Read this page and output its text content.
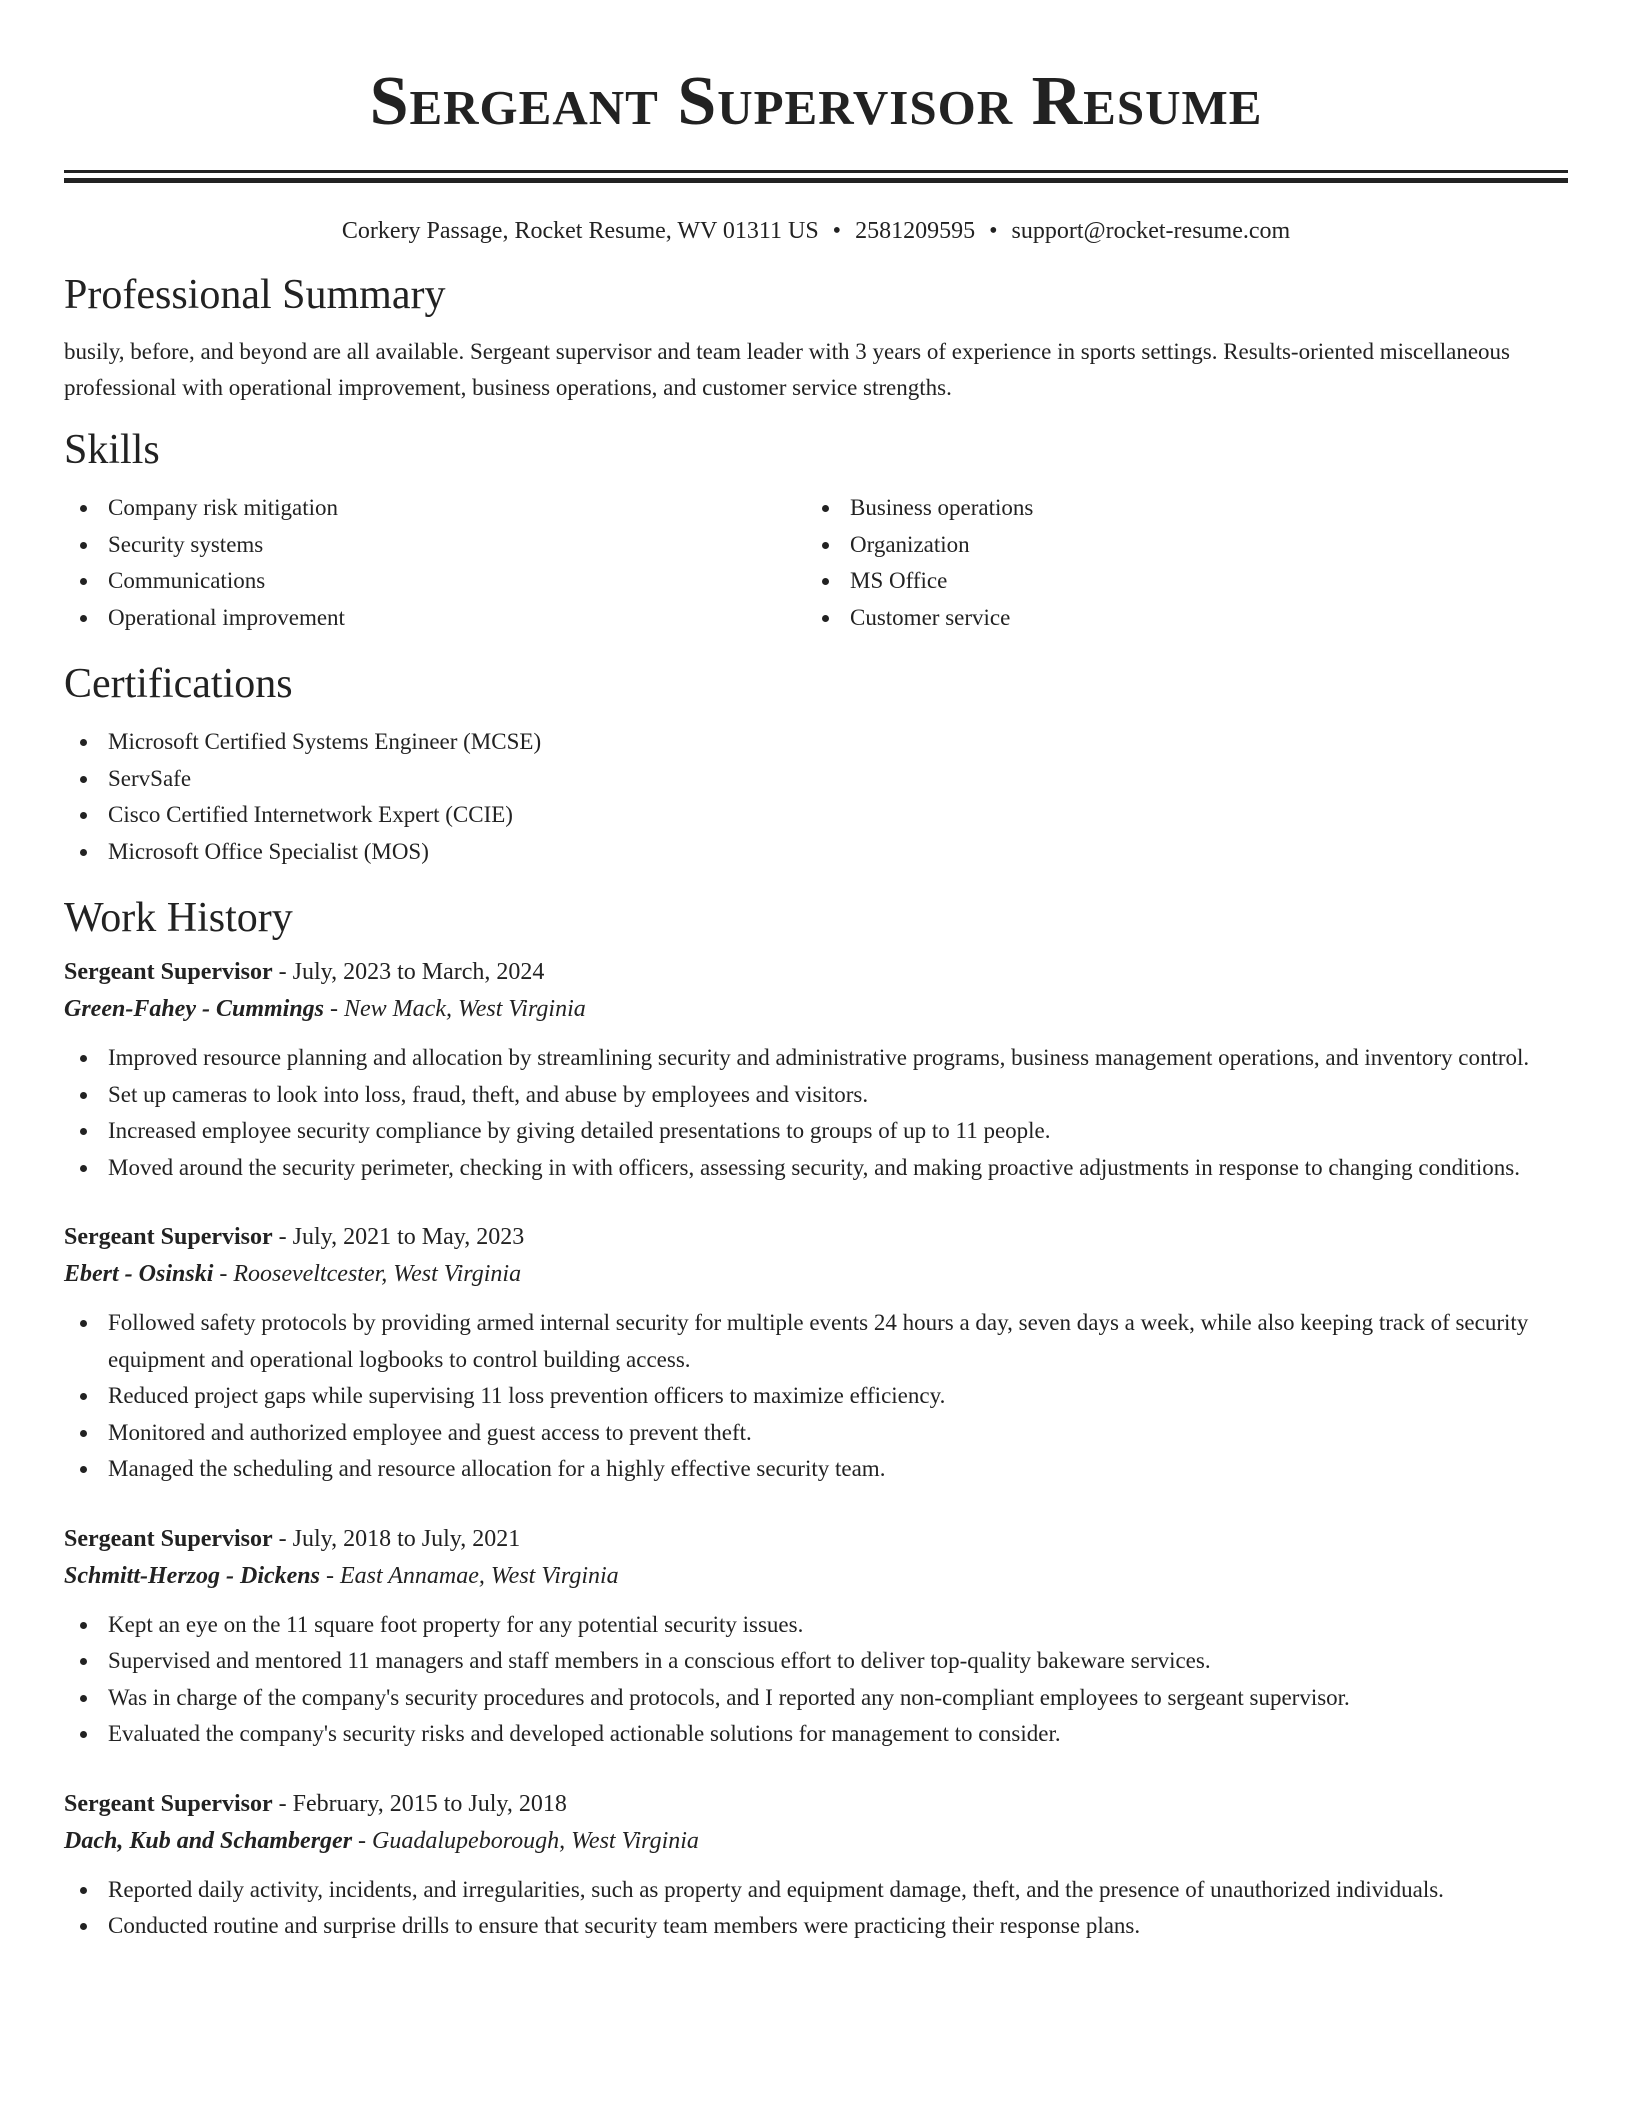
Sergeant Supervisor Resume
Corkery Passage, Rocket Resume, WV 01311 US • 2581209595 • support@rocket-resume.com
Professional Summary

busily, before, and beyond are all available. Sergeant supervisor and team leader with 3 years of experience in sports settings. Results-oriented miscellaneous professional with operational improvement, business operations, and customer service strengths.

Skills
Company risk mitigation
Security systems
Communications
Operational improvement
Business operations
Organization
MS Office
Customer service
Certifications
Microsoft Certified Systems Engineer (MCSE)
ServSafe
Cisco Certified Internetwork Expert (CCIE)
Microsoft Office Specialist (MOS)
Work History
Sergeant Supervisor - July, 2023 to March, 2024
Green-Fahey - Cummings - New Mack, West Virginia
Improved resource planning and allocation by streamlining security and administrative programs, business management operations, and inventory control.
Set up cameras to look into loss, fraud, theft, and abuse by employees and visitors.
Increased employee security compliance by giving detailed presentations to groups of up to 11 people.
Moved around the security perimeter, checking in with officers, assessing security, and making proactive adjustments in response to changing conditions.
Sergeant Supervisor - July, 2021 to May, 2023
Ebert - Osinski - Rooseveltcester, West Virginia
Followed safety protocols by providing armed internal security for multiple events 24 hours a day, seven days a week, while also keeping track of security equipment and operational logbooks to control building access.
Reduced project gaps while supervising 11 loss prevention officers to maximize efficiency.
Monitored and authorized employee and guest access to prevent theft.
Managed the scheduling and resource allocation for a highly effective security team.
Sergeant Supervisor - July, 2018 to July, 2021
Schmitt-Herzog - Dickens - East Annamae, West Virginia
Kept an eye on the 11 square foot property for any potential security issues.
Supervised and mentored 11 managers and staff members in a conscious effort to deliver top-quality bakeware services.
Was in charge of the company's security procedures and protocols, and I reported any non-compliant employees to sergeant supervisor.
Evaluated the company's security risks and developed actionable solutions for management to consider.
Sergeant Supervisor - February, 2015 to July, 2018
Dach, Kub and Schamberger - Guadalupeborough, West Virginia
Reported daily activity, incidents, and irregularities, such as property and equipment damage, theft, and the presence of unauthorized individuals.
Conducted routine and surprise drills to ensure that security team members were practicing their response plans.
